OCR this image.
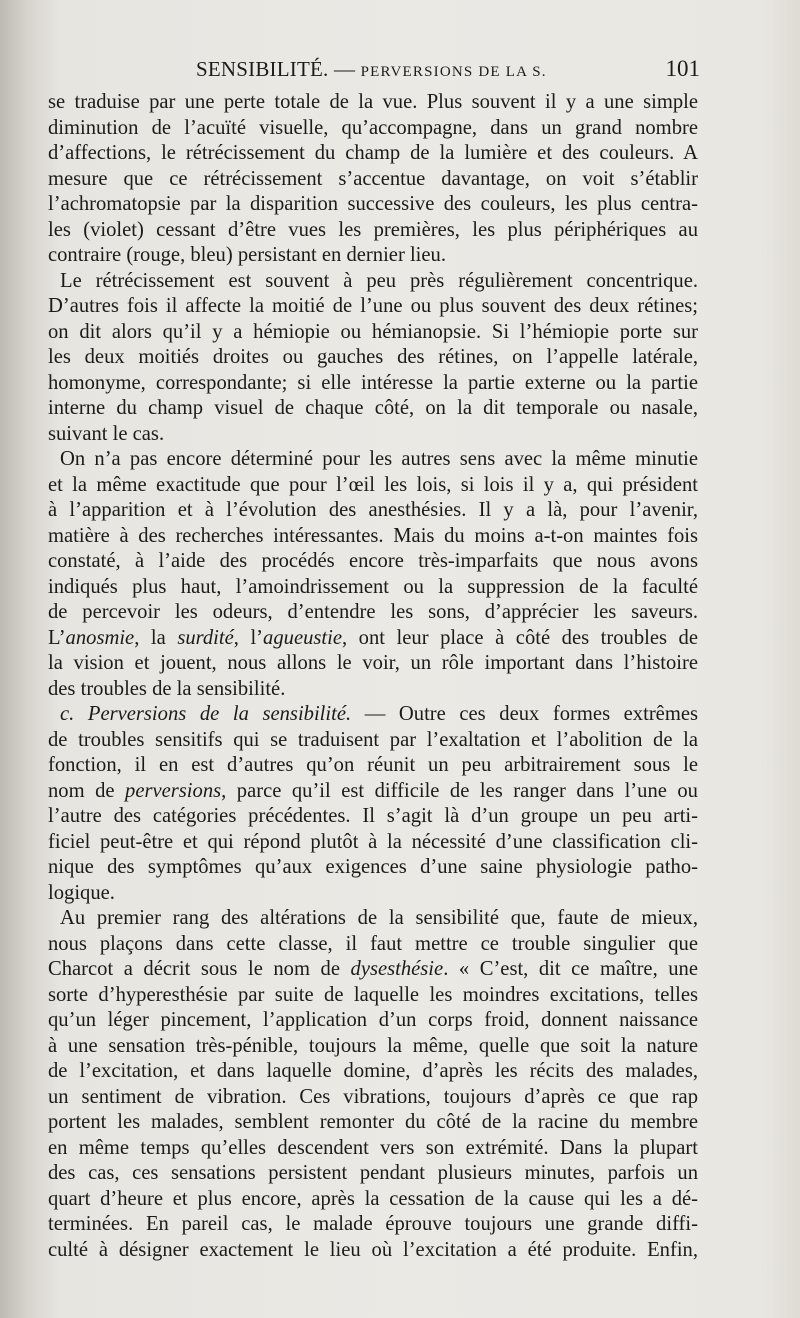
SENSIBILITÉ. — PERVERSIONS DE LA S.	101
se traduise par une perte totale de la vue. Plus souvent il y a une simple
diminution de l’acuïté visuelle, qu’accompagne, dans un grand nombre
d’affections, le rétrécissement du champ de la lumière et des couleurs. A
mesure que ce rétrécissement s’accentue davantage, on voit s’établir
l’achromatopsie par la disparition successive des couleurs, les plus centra-
les (violet) cessant d’être vues les premières, les plus périphériques au
contraire (rouge, bleu) persistant en dernier lieu.
Le rétrécissement est souvent à peu près régulièrement concentrique.
D’autres fois il affecte la moitié de l’une ou plus souvent des deux rétines;
on dit alors qu’il y a hémiopie ou hémianopsie. Si l’hémiopie porte sur
les deux moitiés droites ou gauches des rétines, on l’appelle latérale,
homonyme, correspondante; si elle intéresse la partie externe ou la partie
interne du champ visuel de chaque côté, on la dit temporale ou nasale,
suivant le cas.
On n’a pas encore déterminé pour les autres sens avec la même minutie
et la même exactitude que pour l’œil les lois, si lois il y a, qui président
à l’apparition et à l’évolution des anesthésies. Il y a là, pour l’avenir,
matière à des recherches intéressantes. Mais du moins a-t-on maintes fois
constaté, à l’aide des procédés encore très-imparfaits que nous avons
indiqués plus haut, l’amoindrissement ou la suppression de la faculté
de percevoir les odeurs, d’entendre les sons, d’apprécier les saveurs.
L’anosmie, la surdité, l’agueustie, ont leur place à côté des troubles de
la vision et jouent, nous allons le voir, un rôle important dans l’histoire
des troubles de la sensibilité.
c. Perversions de la sensibilité. — Outre ces deux formes extrêmes
de troubles sensitifs qui se traduisent par l’exaltation et l’abolition de la
fonction, il en est d’autres qu’on réunit un peu arbitrairement sous le
nom de perversions, parce qu’il est difficile de les ranger dans l’une ou
l’autre des catégories précédentes. Il s’agit là d’un groupe un peu arti-
ficiel peut-être et qui répond plutôt à la nécessité d’une classification cli-
nique des symptômes qu’aux exigences d’une saine physiologie patho-
logique.
Au premier rang des altérations de la sensibilité que, faute de mieux,
nous plaçons dans cette classe, il faut mettre ce trouble singulier que
Charcot a décrit sous le nom de dysesthésie. « C’est, dit ce maître, une
sorte d’hyperesthésie par suite de laquelle les moindres excitations, telles
qu’un léger pincement, l’application d’un corps froid, donnent naissance
à une sensation très-pénible, toujours la même, quelle que soit la nature
de l’excitation, et dans laquelle domine, d’après les récits des malades,
un sentiment de vibration. Ces vibrations, toujours d’après ce que rap
portent les malades, semblent remonter du côté de la racine du membre
en même temps qu’elles descendent vers son extrémité. Dans la plupart
des cas, ces sensations persistent pendant plusieurs minutes, parfois un
quart d’heure et plus encore, après la cessation de la cause qui les a dé-
terminées. En pareil cas, le malade éprouve toujours une grande diffi-
culté à désigner exactement le lieu où l’excitation a été produite. Enfin,
